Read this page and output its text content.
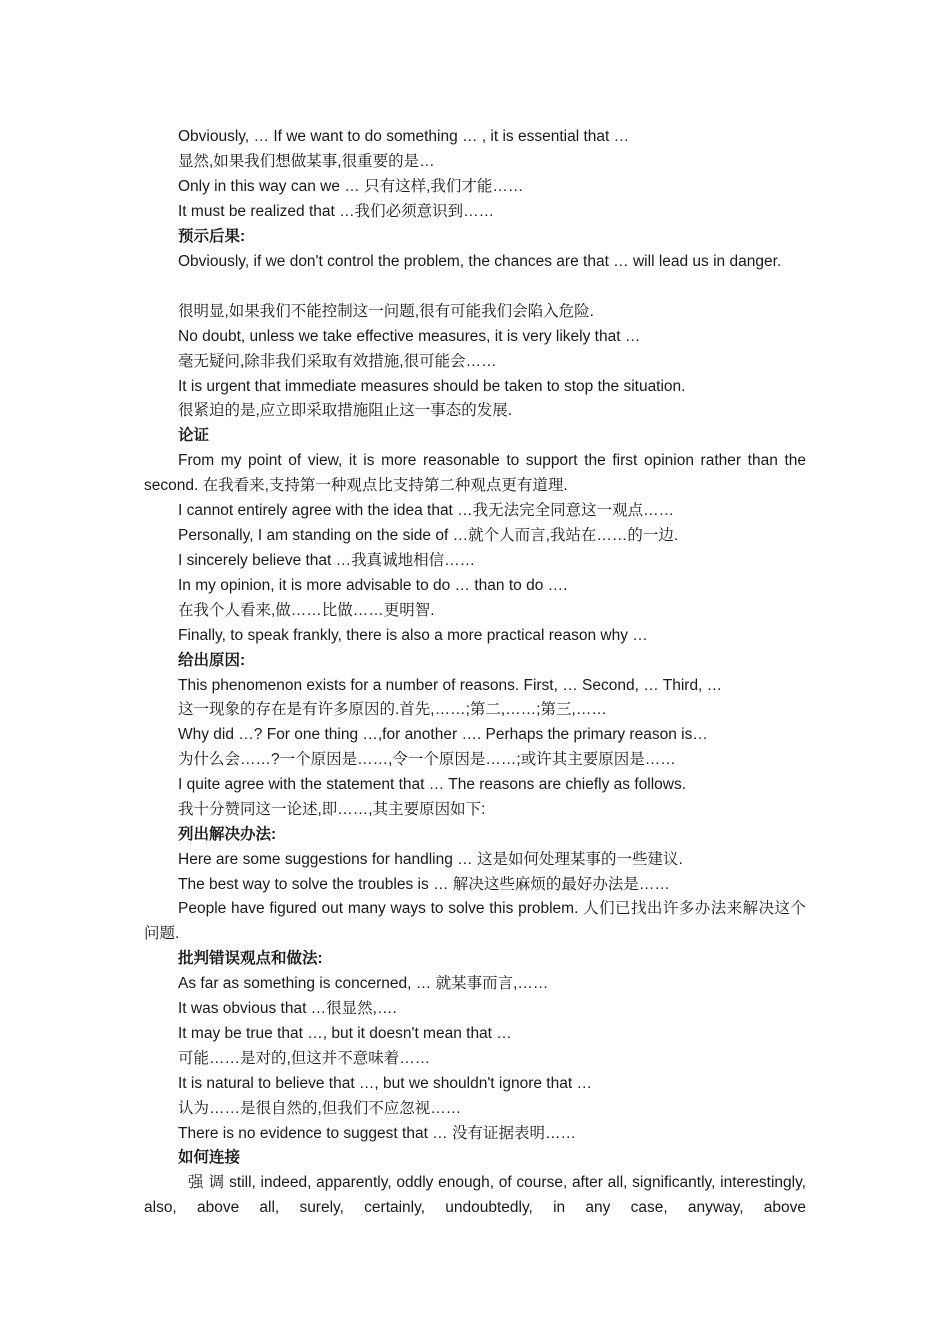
Obviously, … If we want to do something … , it is essential that …
显然,如果我们想做某事,很重要的是…
Only in this way can we … 只有这样,我们才能……
It must be realized that …我们必须意识到……
预示后果:
Obviously, if we don't control the problem, the chances are that … will lead us in danger.
很明显,如果我们不能控制这一问题,很有可能我们会陷入危险.
No doubt, unless we take effective measures, it is very likely that …
毫无疑问,除非我们采取有效措施,很可能会……
It is urgent that immediate measures should be taken to stop the situation.
很紧迫的是,应立即采取措施阻止这一事态的发展.
论证
From my point of view, it is more reasonable to support the first opinion rather than the second. 在我看来,支持第一种观点比支持第二种观点更有道理.
I cannot entirely agree with the idea that …我无法完全同意这一观点……
Personally, I am standing on the side of …就个人而言,我站在……的一边.
I sincerely believe that …我真诚地相信……
In my opinion, it is more advisable to do … than to do ….
在我个人看来,做……比做……更明智.
Finally, to speak frankly, there is also a more practical reason why …
给出原因:
This phenomenon exists for a number of reasons. First, … Second, … Third, …
这一现象的存在是有许多原因的.首先,……;第二,……;第三,……
Why did …? For one thing …,for another …. Perhaps the primary reason is…
为什么会……?一个原因是……,令一个原因是……;或许其主要原因是……
I quite agree with the statement that … The reasons are chiefly as follows.
我十分赞同这一论述,即……,其主要原因如下:
列出解决办法:
Here are some suggestions for handling … 这是如何处理某事的一些建议.
The best way to solve the troubles is … 解决这些麻烦的最好办法是……
People have figured out many ways to solve this problem. 人们已找出许多办法来解决这个问题.
批判错误观点和做法:
As far as something is concerned, … 就某事而言,……
It was obvious that …很显然,….
It may be true that …, but it doesn't mean that …
可能……是对的,但这并不意味着……
It is natural to believe that …, but we shouldn't ignore that …
认为……是很自然的,但我们不应忽视……
There is no evidence to suggest that … 没有证据表明……
如何连接
强 调 still, indeed, apparently, oddly enough, of course, after all, significantly, interestingly, also, above all, surely, certainly, undoubtedly, in any case, anyway, above
